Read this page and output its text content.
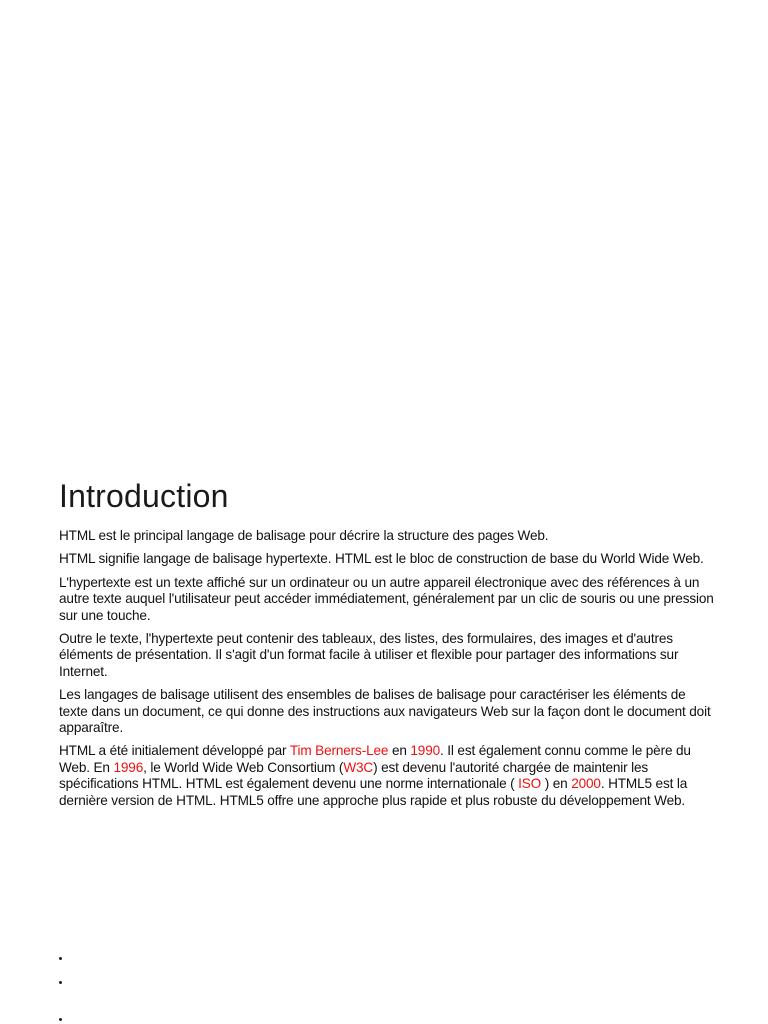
Introduction

HTML est le principal langage de balisage pour décrire la structure des pages Web.

HTML signifie langage de balisage hypertexte. HTML est le bloc de construction de base du World Wide Web.

L'hypertexte est un texte affiché sur un ordinateur ou un autre appareil électronique avec des références à un autre texte auquel l'utilisateur peut accéder immédiatement, généralement par un clic de souris ou une pression sur une touche.

Outre le texte, l'hypertexte peut contenir des tableaux, des listes, des formulaires, des images et d'autres éléments de présentation. Il s'agit d'un format facile à utiliser et flexible pour partager des informations sur Internet.

Les langages de balisage utilisent des ensembles de balises de balisage pour caractériser les éléments de texte dans un document, ce qui donne des instructions aux navigateurs Web sur la façon dont le document doit apparaître.

HTML a été initialement développé par Tim Berners-Lee en 1990. Il est également connu comme le père du Web. En 1996, le World Wide Web Consortium (W3C) est devenu l'autorité chargée de maintenir les spécifications HTML. HTML est également devenu une norme internationale ( ISO ) en 2000. HTML5 est la dernière version de HTML. HTML5 offre une approche plus rapide et plus robuste du développement Web.
